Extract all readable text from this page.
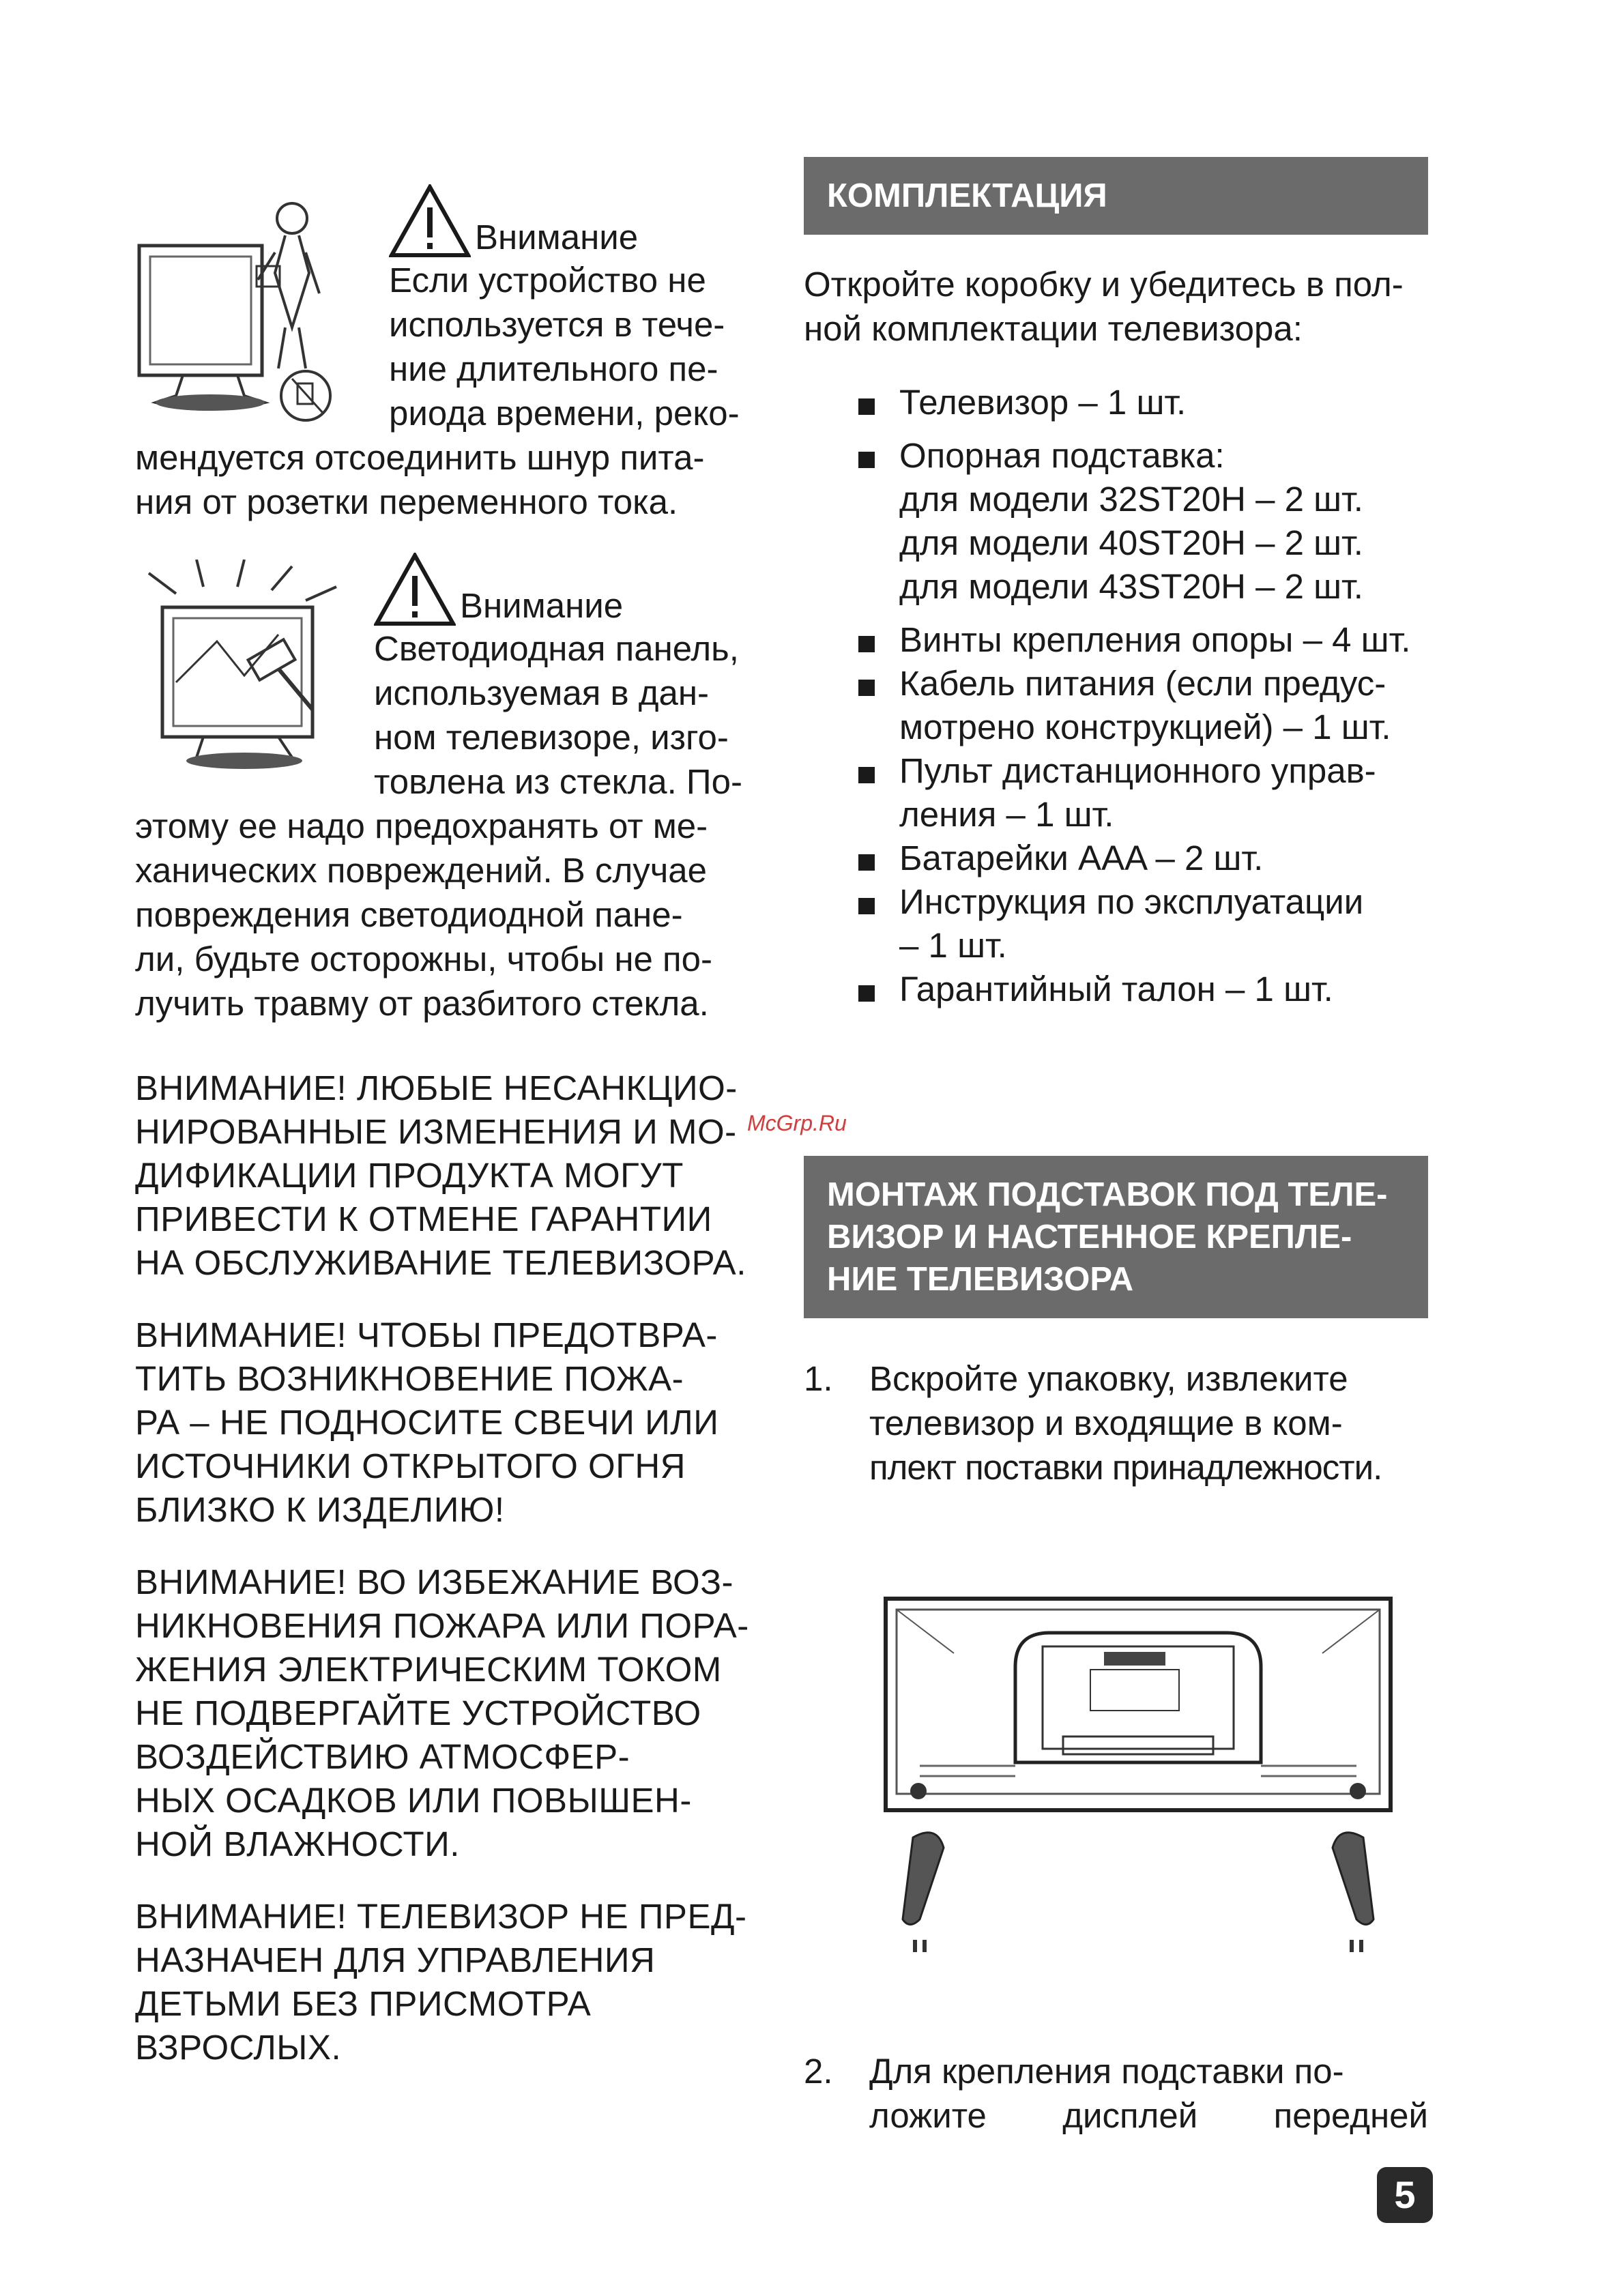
Внимание

Если устройство не

используется в тече-

ние длительного пе-

риода времени, реко-

мендуется отсоединить шнур пита-

ния от розетки переменного тока.

Внимание

Светодиодная панель,

используемая в дан-

ном телевизоре, изго-

товлена из стекла. По-

этому ее надо предохранять от ме-

ханических повреждений. В случае

повреждения светодиодной пане-

ли, будьте осторожны, чтобы не по-

лучить травму от разбитого стекла.

ВНИМАНИЕ! ЛЮБЫЕ НЕСАНКЦИО-

НИРОВАННЫЕ ИЗМЕНЕНИЯ И МО-

ДИФИКАЦИИ ПРОДУКТА МОГУТ

ПРИВЕСТИ К ОТМЕНЕ ГАРАНТИИ

НА ОБСЛУЖИВАНИЕ ТЕЛЕВИЗОРА.

ВНИМАНИЕ! ЧТОБЫ ПРЕДОТВРА-

ТИТЬ ВОЗНИКНОВЕНИЕ ПОЖА-

РА – НЕ ПОДНОСИТЕ СВЕЧИ ИЛИ

ИСТОЧНИКИ ОТКРЫТОГО ОГНЯ

БЛИЗКО К ИЗДЕЛИЮ!

ВНИМАНИЕ! ВО ИЗБЕЖАНИЕ ВОЗ-

НИКНОВЕНИЯ ПОЖАРА ИЛИ ПОРА-

ЖЕНИЯ ЭЛЕКТРИЧЕСКИМ ТОКОМ

НЕ ПОДВЕРГАЙТЕ УСТРОЙСТВО

ВОЗДЕЙСТВИЮ АТМОСФЕР-

НЫХ ОСАДКОВ ИЛИ ПОВЫШЕН-

НОЙ ВЛАЖНОСТИ.

ВНИМАНИЕ! ТЕЛЕВИЗОР НЕ ПРЕД-

НАЗНАЧЕН ДЛЯ УПРАВЛЕНИЯ

ДЕТЬМИ БЕЗ ПРИСМОТРА

ВЗРОСЛЫХ.

КОМПЛЕКТАЦИЯ

Откройте коробку и убедитесь в пол-

ной комплектации телевизора:

Телевизор – 1 шт.
Опорная подставка:
для модели 32ST20H – 2 шт.
для модели 40ST20H – 2 шт.
для модели 43ST20H – 2 шт.
Винты крепления опоры – 4 шт.
Кабель питания (если предус-
мотрено конструкцией) – 1 шт.
Пульт дистанционного управ-
ления – 1 шт.
Батарейки AAA – 2 шт.
Инструкция по эксплуатации
– 1 шт.
Гарантийный талон – 1 шт.
МОНТАЖ ПОДСТАВОК ПОД ТЕЛЕ-
ВИЗОР И НАСТЕННОЕ КРЕПЛЕ-
НИЕ ТЕЛЕВИЗОРА
1. Вскройте упаковку, извлеките

телевизор и входящие в ком-

плект поставки принадлежности.

2. Для крепления подставки по-

ложите дисплей передней

McGrp.Ru
5
